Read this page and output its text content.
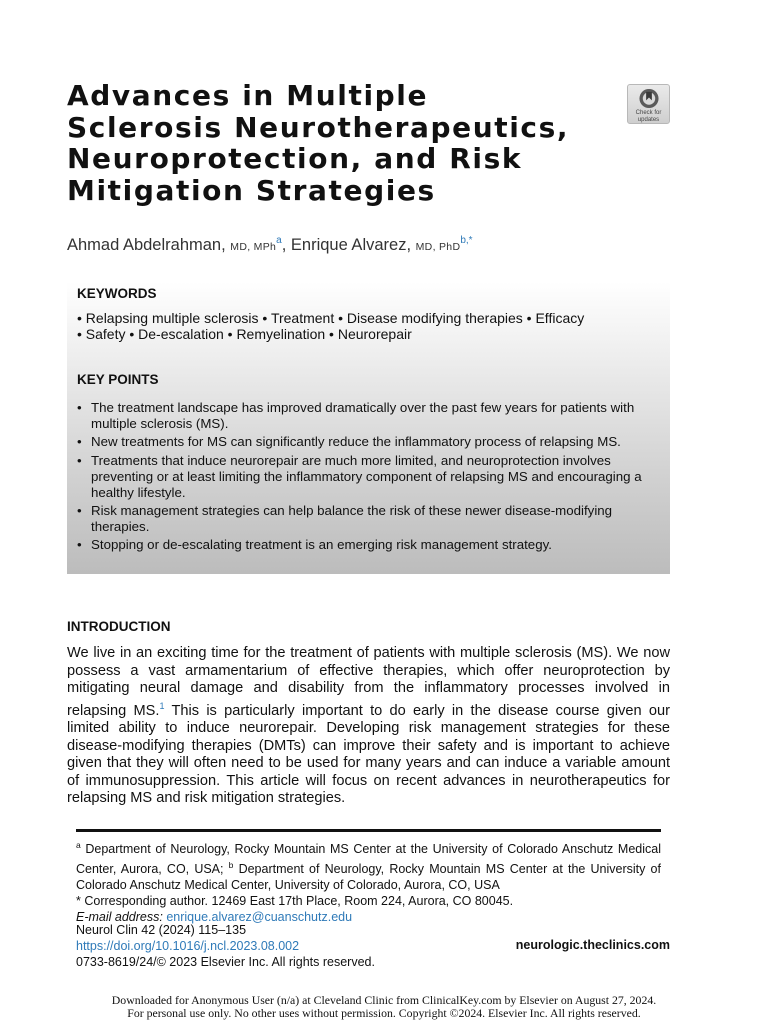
Advances in Multiple
Sclerosis Neurotherapeutics,
Neuroprotection, and Risk
Mitigation Strategies
Check for updates
Ahmad Abdelrahman, MD, MPh$^a$, Enrique Alvarez, MD, PhD$^{b,*}$
KEYWORDS
• Relapsing multiple sclerosis • Treatment • Disease modifying therapies • Efficacy
• Safety • De-escalation • Remyelination • Neurorepair
KEY POINTS
• The treatment landscape has improved dramatically over the past few years for patients with multiple sclerosis (MS).
• New treatments for MS can significantly reduce the inflammatory process of relapsing MS.
• Treatments that induce neurorepair are much more limited, and neuroprotection involves preventing or at least limiting the inflammatory component of relapsing MS and encouraging a healthy lifestyle.
• Risk management strategies can help balance the risk of these newer disease-modifying therapies.
• Stopping or de-escalating treatment is an emerging risk management strategy.
INTRODUCTION

We live in an exciting time for the treatment of patients with multiple sclerosis (MS). We now possess a vast armamentarium of effective therapies, which offer neuroprotection by mitigating neural damage and disability from the inflammatory processes involved in relapsing MS.$^1$ This is particularly important to do early in the disease course given our limited ability to induce neurorepair. Developing risk management strategies for these disease-modifying therapies (DMTs) can improve their safety and is important to achieve given that they will often need to be used for many years and can induce a variable amount of immunosuppression. This article will focus on recent advances in neurotherapeutics for relapsing MS and risk mitigation strategies.

$^a$ Department of Neurology, Rocky Mountain MS Center at the University of Colorado Anschutz Medical Center, Aurora, CO, USA; $^b$ Department of Neurology, Rocky Mountain MS Center at the University of Colorado Anschutz Medical Center, University of Colorado, Aurora, CO, USA
* Corresponding author. 12469 East 17th Place, Room 224, Aurora, CO 80045.
E-mail address: enrique.alvarez@cuanschutz.edu
Neurol Clin 42 (2024) 115–135
https://doi.org/10.1016/j.ncl.2023.08.002
0733-8619/24/© 2023 Elsevier Inc. All rights reserved.
neurologic.theclinics.com
Downloaded for Anonymous User (n/a) at Cleveland Clinic from ClinicalKey.com by Elsevier on August 27, 2024.
For personal use only. No other uses without permission. Copyright ©2024. Elsevier Inc. All rights reserved.
